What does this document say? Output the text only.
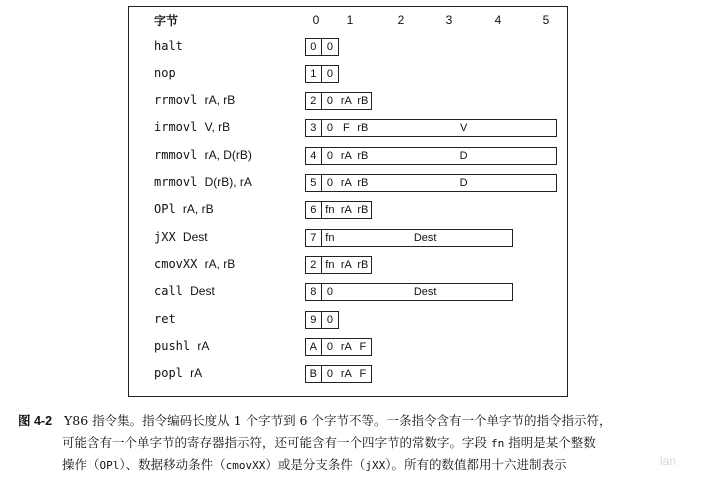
字节	0 1	2	3	4	5
halt	0 0
nop	1 0
rrmovl rA, rB	2 0 rA rB
irmovl V, rB	3 0 F rB	V
rmmovl rA, D(rB)	4 0 rA rB	D
mrmovl D(rB), rA	5 0 rA rB	D
OPl rA, rB	6 fn rA rB
jXX Dest	7 fn	Dest
cmovXX rA, rB	2 fn rA rB
call Dest	8 0	Dest
ret	9 0
pushl rA	A 0 rA F
popl rA	B 0 rA F
图 4-2 Y86 指令集。指令编码长度从 1 个字节到 6 个字节不等。一条指令含有一个单字节的指令指示符，
可能含有一个单字节的寄存器指示符，还可能含有一个四字节的常数字。字段 fn 指明是某个整数
操作（OPl）、数据移动条件（cmovXX）或是分支条件（jXX）。所有的数值都用十六进制表示	lan
